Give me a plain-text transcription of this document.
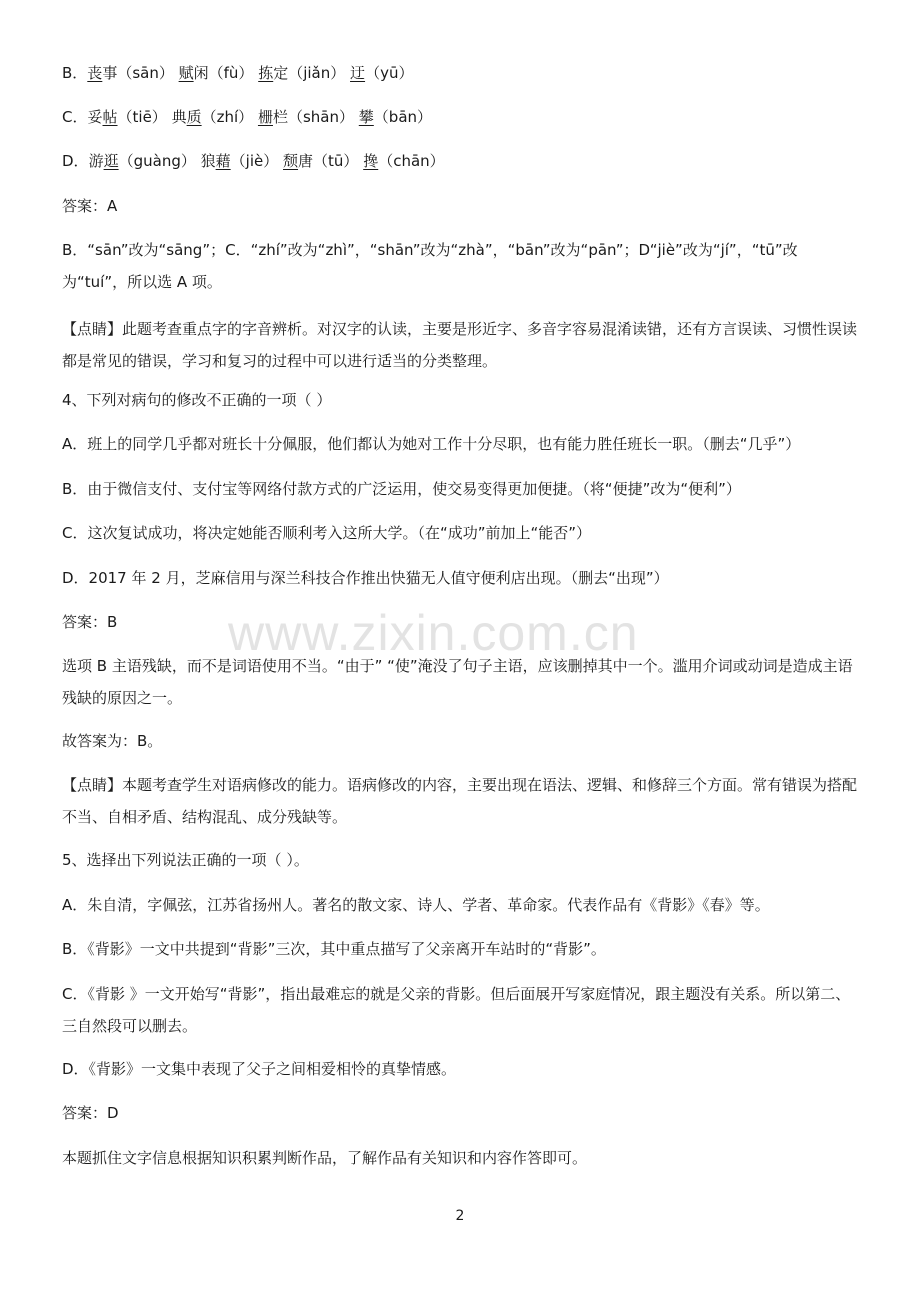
www.zixin.com.cn
B．丧事（sān） 赋闲（fù） 拣定（jiǎn） 迂（yū）
C．妥帖（tiē） 典质（zhí） 栅栏（shān） 攀（bān）
D．游逛（guàng） 狼藉（jiè） 颓唐（tū） 搀（chān）
答案：A
B．“sān”改为“sāng”；C．“zhí”改为“zhì”，“shān”改为“zhà”，“bān”改为“pān”；D“jiè”改为“jí”，“tū”改为“tuí”，所以选 A 项。
【点睛】此题考查重点字的字音辨析。对汉字的认读，主要是形近字、多音字容易混淆读错，还有方言误读、习惯性误读都是常见的错误，学习和复习的过程中可以进行适当的分类整理。
4、下列对病句的修改不正确的一项（ ）
A．班上的同学几乎都对班长十分佩服，他们都认为她对工作十分尽职，也有能力胜任班长一职。（删去“几乎”）
B．由于微信支付、支付宝等网络付款方式的广泛运用，使交易变得更加便捷。（将“便捷”改为“便利”）
C．这次复试成功，将决定她能否顺利考入这所大学。（在“成功”前加上“能否”）
D．2017 年 2 月，芝麻信用与深兰科技合作推出快猫无人值守便利店出现。（删去“出现”）
答案：B
选项 B 主语残缺，而不是词语使用不当。“由于” “使”淹没了句子主语，应该删掉其中一个。滥用介词或动词是造成主语残缺的原因之一。
故答案为：B。
【点睛】本题考查学生对语病修改的能力。语病修改的内容，主要出现在语法、逻辑、和修辞三个方面。常有错误为搭配不当、自相矛盾、结构混乱、成分残缺等。
5、选择出下列说法正确的一项（ ）。
A．朱自清，字佩弦，江苏省扬州人。著名的散文家、诗人、学者、革命家。代表作品有《背影》《春》等。
B．《背影》一文中共提到“背影”三次，其中重点描写了父亲离开车站时的“背影”。
C．《背影 》一文开始写“背影”，指出最难忘的就是父亲的背影。但后面展开写家庭情况，跟主题没有关系。所以第二、三自然段可以删去。
D．《背影》一文集中表现了父子之间相爱相怜的真挚情感。
答案：D
本题抓住文字信息根据知识积累判断作品，了解作品有关知识和内容作答即可。
2
